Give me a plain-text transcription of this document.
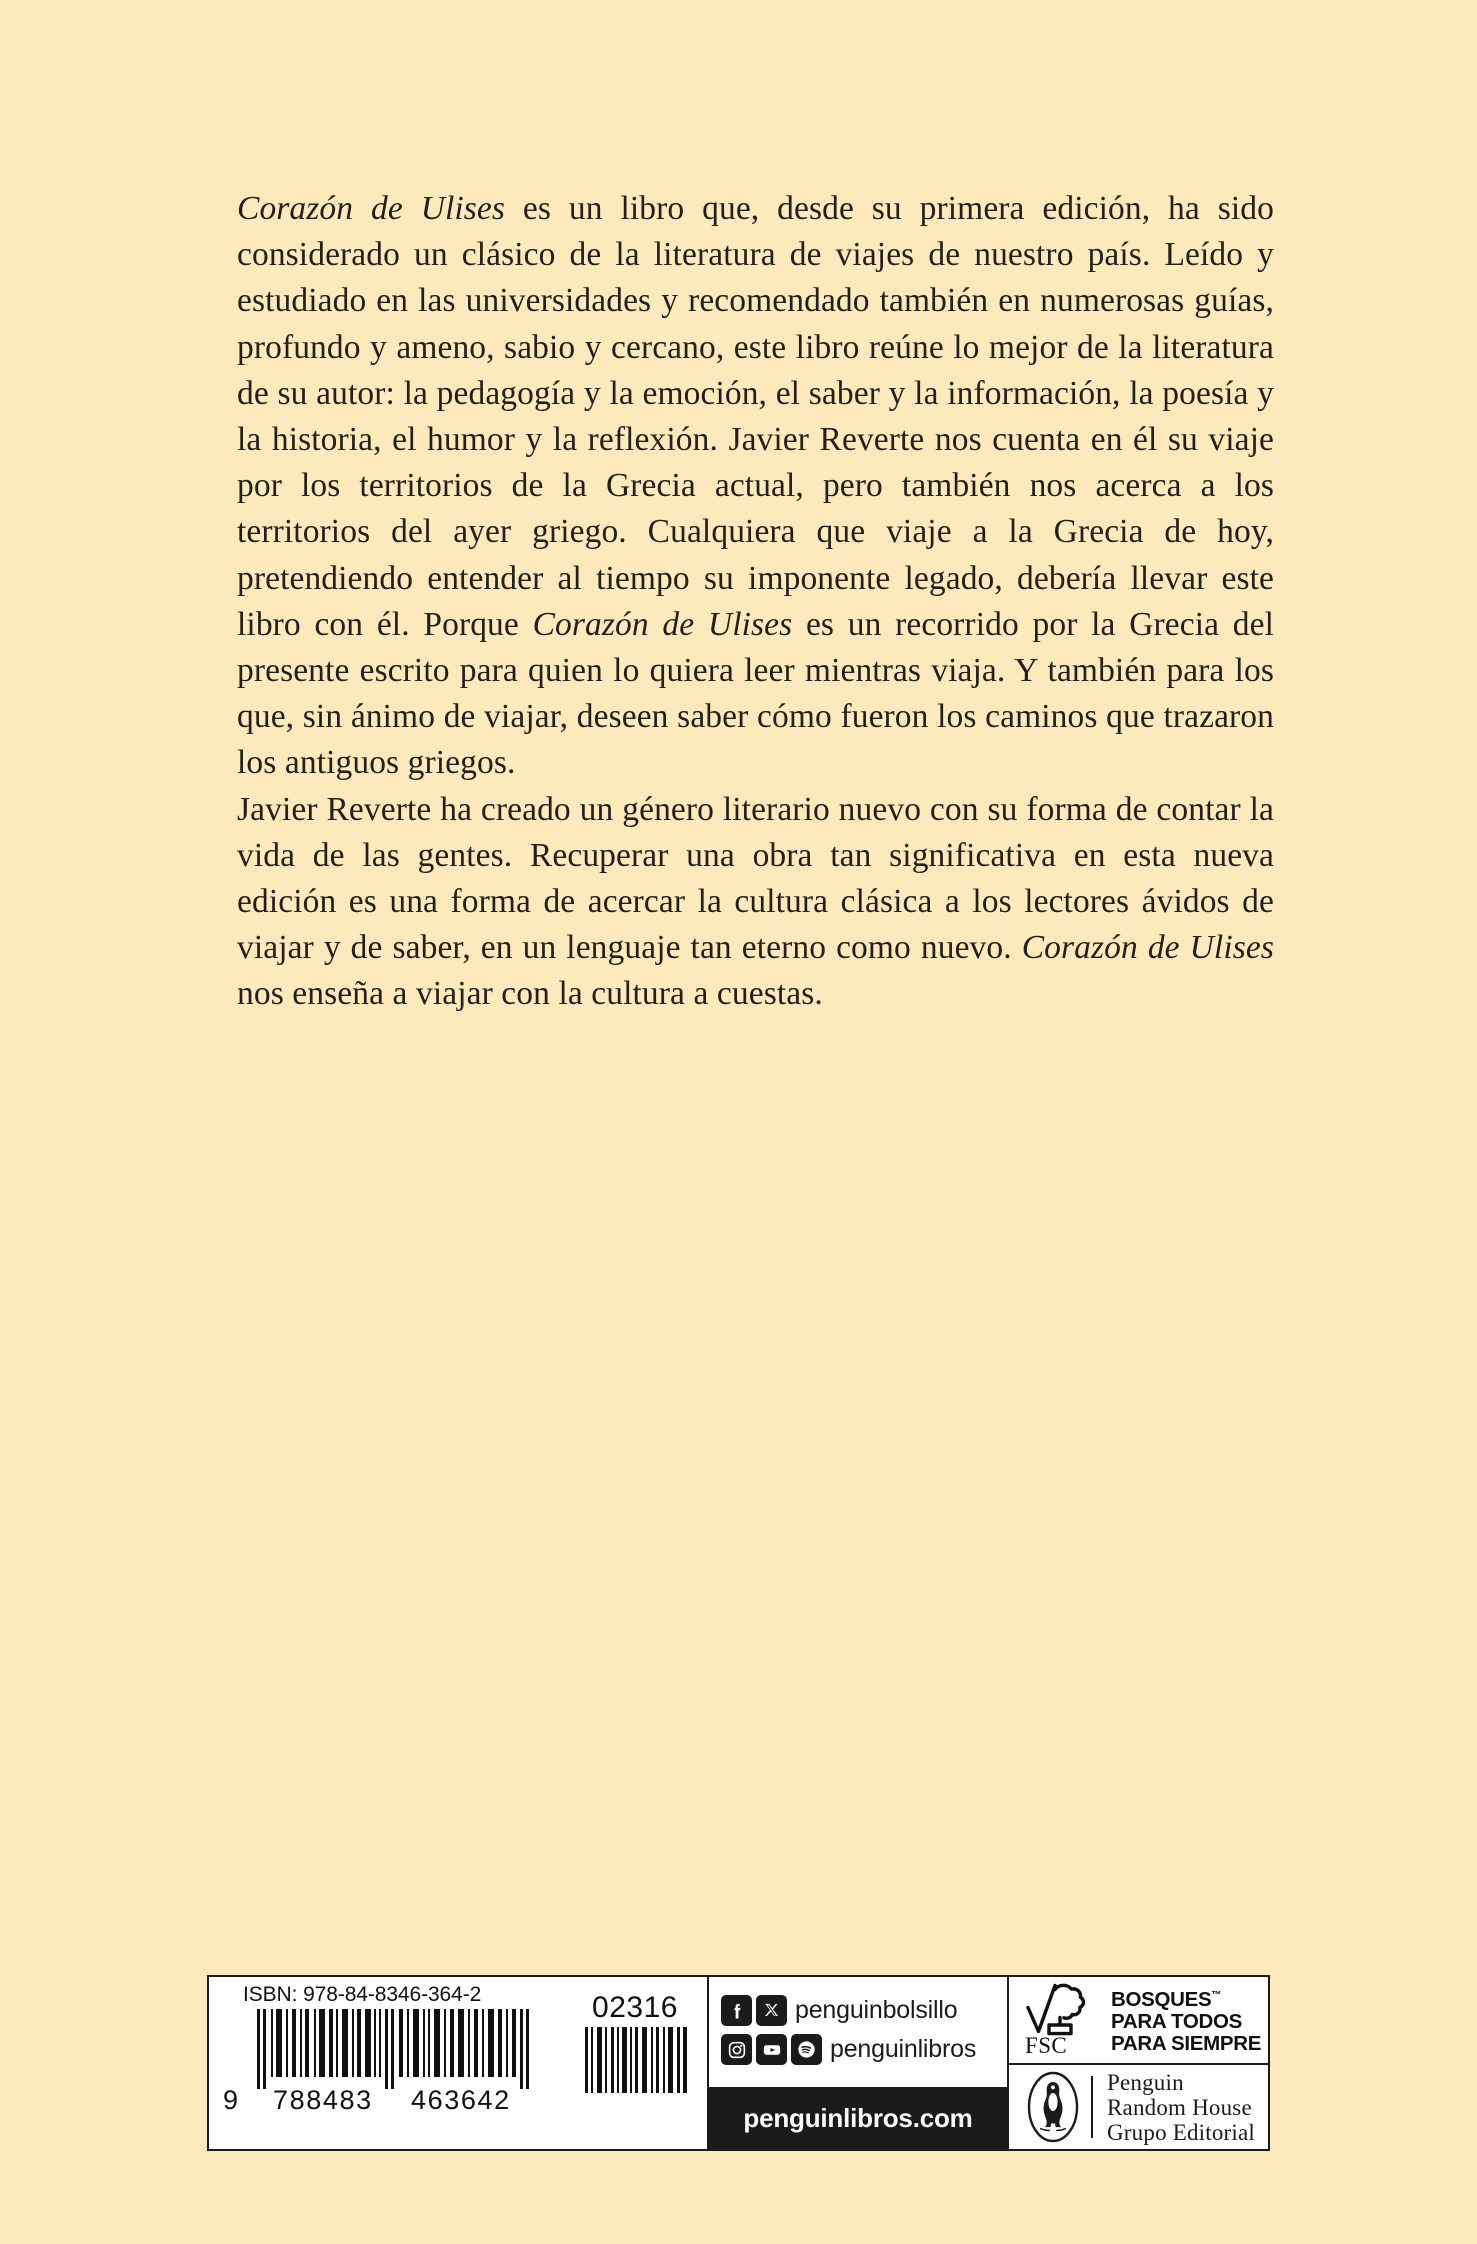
Corazón de Ulises es un libro que, desde su primera edición, ha sido considerado un clásico de la literatura de viajes de nuestro país. Leído y estudiado en las universidades y recomendado también en numerosas guías, profundo y ameno, sabio y cercano, este libro reúne lo mejor de la literatura de su autor: la pedagogía y la emoción, el saber y la información, la poesía y la historia, el humor y la reflexión. Javier Reverte nos cuenta en él su viaje por los territorios de la Grecia actual, pero también nos acerca a los territorios del ayer griego. Cualquiera que viaje a la Grecia de hoy, pretendiendo entender al tiempo su imponente legado, debería llevar este libro con él. Porque Corazón de Ulises es un recorrido por la Grecia del presente escrito para quien lo quiera leer mientras viaja. Y también para los que, sin ánimo de viajar, deseen saber cómo fueron los caminos que trazaron los antiguos griegos.

Javier Reverte ha creado un género literario nuevo con su forma de contar la vida de las gentes. Recuperar una obra tan significativa en esta nueva edición es una forma de acercar la cultura clásica a los lectores ávidos de viajar y de saber, en un lenguaje tan eterno como nuevo. Corazón de Ulises nos enseña a viajar con la cultura a cuestas.

ISBN: 978-84-8346-364-2
9 788483 463642
02316	penguinbolsillo
penguinlibros
penguinlibros.com
FSC
BOSQUES™
PARA TODOS
PARA SIEMPRE
Penguin
Random House
Grupo Editorial
